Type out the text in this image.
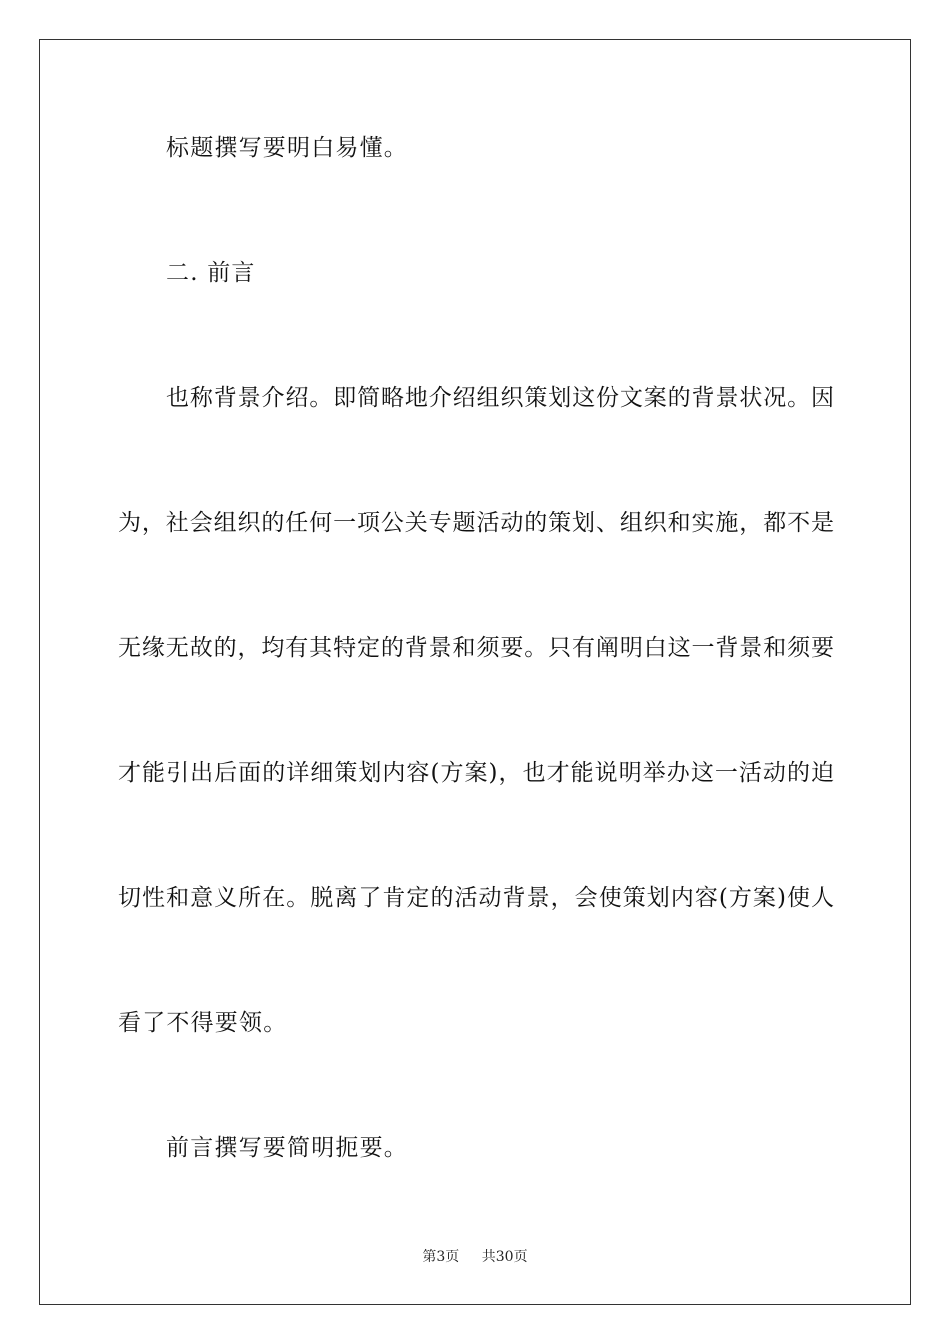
标题撰写要明白易懂。
二. 前言
也称背景介绍。即简略地介绍组织策划这份文案的背景状况。因
为，社会组织的任何一项公关专题活动的策划、组织和实施，都不是
无缘无故的，均有其特定的背景和须要。只有阐明白这一背景和须要
才能引出后面的详细策划内容(方案)，也才能说明举办这一活动的迫
切性和意义所在。脱离了肯定的活动背景，会使策划内容(方案)使人
看了不得要领。
前言撰写要简明扼要。
第3页 共30页
